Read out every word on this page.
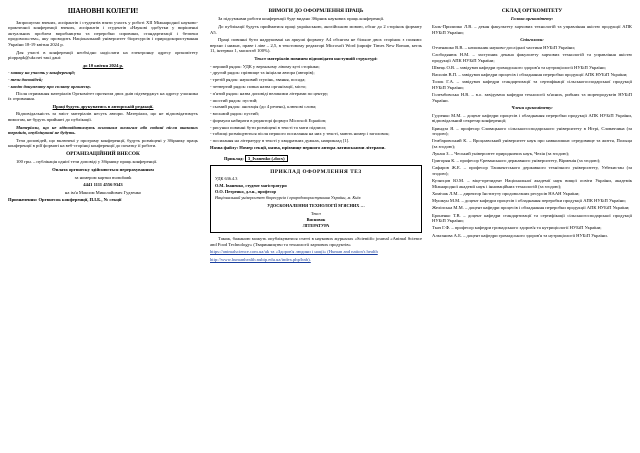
ШАНОВНІ КОЛЕГИ!

Запрошуємо вчених, аспірантів і студентів взяти участь у роботі XII Міжнародної науково-практичної конференції вчених, аспірантів і студентів «Наукові здобутки у вирішенні актуальних проблем виробництва та переробки сировини, стандартизації і безпеки продовольства», яку проводить Національний університет біоресурсів і природокористування України 18-19 квітня 2024 р.

Для участі в конференції необхідно надіслати на електронну адресу оргкомітету pioppapk@ukr.net такі дані:

до 10 квітня 2024 р.

- заявку на участь у конференції;

- тези доповідей;

- копію документу про сплату оргвнеску.

Після отримання матеріалів Оргкомітет протягом двох днів підтверджує на адресу учасника їх отримання.

Праці будуть друкуватись в авторській редакції.

Відповідальність за зміст матеріалів несуть автори. Матеріали, що не відповідатимуть вимогам, не будуть прийняті до публікації.

Матеріали, що не відповідатимуть основним вимогам або подані після вказаних термінів, опублікувані не будуть.

Тези доповідей, що включені у програму конференції, будуть розміщені у Збірнику праць конференції в pdf форматі на веб-сторінці конференції до початку її роботи.

ОРГАНІЗАЦІЙНИЙ ВНЕСОК

100 грн. – публікація однієї тези доповіді у Збірнику праць конференції.

Оплата оргвнеску здійснюється перерахуванням

за номером картки monobank

4441 1111 4556 9343

на ім'я Максим Миколайович Гудзенко

Призначення: Оргвнесок конференції, П.І.Б., № секції

ВИМОГИ ДО ОФОРМЛЕННЯ ПРАЦЬ

За підсумками роботи конференції буде видано Збірник наукових праць конференції.

До публікації будуть прийматися праці українською, англійською мовою, обсяг до 2 сторінок формату А5.

Праці повинні бути надруковані на аркуші формату А4 обсягом не більше двох сторінок з полями: верхнє і нижнє, праве і ліве – 2,5, в текстовому редакторі Microsoft Word (шрифт Times New Roman, кегль 11, інтервал 1, масштаб 100%).

Текст матеріалів повинен відповідати наступній структурі:

- перший рядок: УДК у верхньому лівому куті сторінки;

- другий рядок: прізвище та ініціали автора (авторів);

- третій рядок: науковий ступінь, звання, посада;

- четвертий рядок: повна назва організації, місто;

- п'ятий рядок: назва доповіді великими літерами по центру;

- шостий рядок: пустий;

- сьомий рядок: анотація (до 4 речень), ключові слова;

- восьмий рядок: пустий;

- формули набирати в редакторі формул Microsoft Equation;

- рисунки повинні бути розміщені в тексті та мати підписи;

- таблиці розміщуються після першого посилання на них у тексті, мають номер і заголовок;

- посилання на літературу в тексті у квадратних дужках, наприклад [1].

Назва файлу: Номер секції, назва, прізвище першого автора латинськими літерами.

Приклад: 3_Ivanenko (.docx)

ПРИКЛАД ОФОРМЛЕННЯ ТЕЗ

УДК 636.4.3

О.М. Іваненко, студент магістратури

О.О. Петренко, д.т.н., професор

Національний університет біоресурсів і природокористування України, м. Київ

УДОСКОНАЛЕННЯ ТЕХНОЛОГІЇ М'ЯСНИХ …

Текст

Висновок

ЛІТЕРАТУРА

Також, бажаною можуть опублікуватися статті в наукових журналах «Scientific journal «Animal Science and Food Technology» (Тваринництво та технології харчових продуктів»

https://animalscience.com.ua/uk та «Здоров'я людини і нації» (Human and nation's health

http://www.humanhealth.nubip.edu.ua/index.php/hnh).

СКЛАД ОРГКОМІТЕТУ

Голова оргкомітету:

Баль-Прилипко Л.В. – декан факультету харчових технологій та управління якістю продукції АПК НУБіП України;

Співголови:

Отченашко В.В. – начальник науково-дослідної частини НУБіП України;

Слободянюк Н.М. – заступник декана факультету харчових технологій та управління якістю продукції АПК НУБіП України;

Швець О.В. – завідувач кафедри громадського здоров'я та нутриціології НУБіП України;

Василів В.П. – завідувач кафедри процесів і обладнання переробки продукції АПК НУБіП України;

Толок Г.А. – завідувач кафедри стандартизації та сертифікації сільськогосподарської продукції НУБіП України;

Голембовська Н.В. – в.о. завідувача кафедри технології м'ясних, рибних та морепродуктів НУБіП України.

Члени оргкомітету:

Гудзенко М.М. – доцент кафедри процесів і обладнання переробки продукції АПК НУБіП України, відповідальний секретар конференції;

Бриндза Я. – професор Словацького сільськогосподарського університету в Нітрі, Словаччина (за згодою);

Гембаровський К. – Вроцлавський університет наук про навколишнє середовище та життя, Польща (за згодою);

Лукаш З. – Чеський університет природничих наук, Чехія (за згодою);

Григорян К. – професор Єреванського державного університету, Вірменія (за згодою);

Сафаров Ж.Е. – професор Ташкентського державного технічного університету, Узбекистан (за згодою);

Кузнєцов Ю.М. – віце-президент Національної академії наук вищої освіти України, академік Міжнародної академії наук і інноваційних технологій (за згодою);

Хомічак Л.М. – директор Інституту продовольчих ресурсів НААН України;

Мушкун М.М. – доцент кафедри процесів і обладнання переробки продукції АПК НУБіП України;

Желіпська М.М. – доцент кафедри процесів і обладнання переробки продукції АПК НУБіП України;

Броненко Т.В. – доцент кафедри стандартизації та сертифікації сільськогосподарської продукції НУБіП України;

Ткач Г.Ф. – професор кафедри громадського здоров'я та нутриціології НУБіП України;

Альтанова А.Б. – доцент кафедри громадського здоров'я та нутриціології НУБіП України.
